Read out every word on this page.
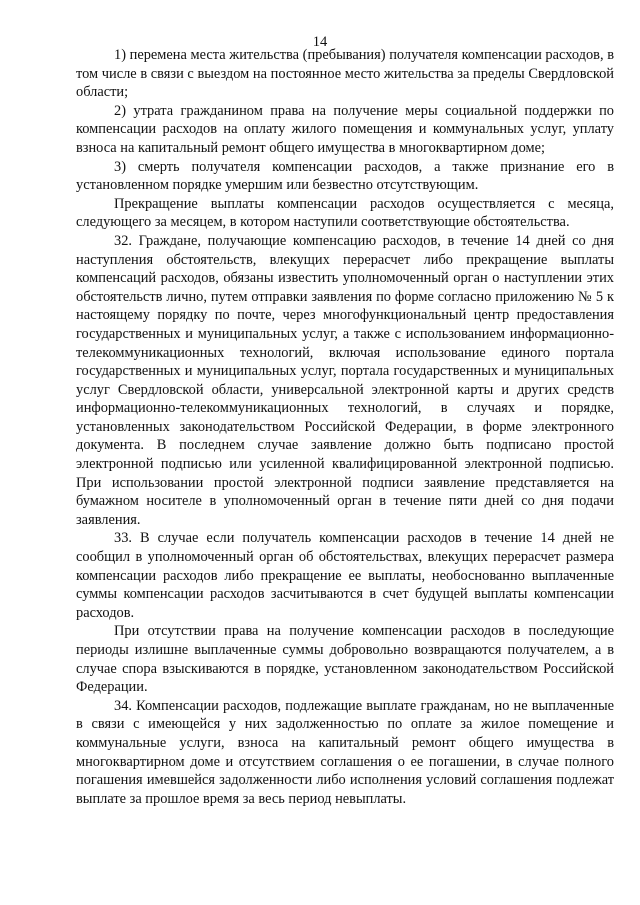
14

1) перемена места жительства (пребывания) получателя компенсации расходов, в том числе в связи с выездом на постоянное место жительства за пределы Свердловской области;

2) утрата гражданином права на получение меры социальной поддержки по компенсации расходов на оплату жилого помещения и коммунальных услуг, уплату взноса на капитальный ремонт общего имущества в многоквартирном доме;

3) смерть получателя компенсации расходов, а также признание его в установленном порядке умершим или безвестно отсутствующим.

Прекращение выплаты компенсации расходов осуществляется с месяца, следующего за месяцем, в котором наступили соответствующие обстоятельства.

32. Граждане, получающие компенсацию расходов, в течение 14 дней со дня наступления обстоятельств, влекущих перерасчет либо прекращение выплаты компенсаций расходов, обязаны известить уполномоченный орган о наступлении этих обстоятельств лично, путем отправки заявления по форме согласно приложению № 5 к настоящему порядку по почте, через многофункциональный центр предоставления государственных и муниципальных услуг, а также с использованием информационно-телекоммуникационных технологий, включая использование единого портала государственных и муниципальных услуг, портала государственных и муниципальных услуг Свердловской области, универсальной электронной карты и других средств информационно-телекоммуникационных технологий, в случаях и порядке, установленных законодательством Российской Федерации, в форме электронного документа. В последнем случае заявление должно быть подписано простой электронной подписью или усиленной квалифицированной электронной подписью. При использовании простой электронной подписи заявление представляется на бумажном носителе в уполномоченный орган в течение пяти дней со дня подачи заявления.

33. В случае если получатель компенсации расходов в течение 14 дней не сообщил в уполномоченный орган об обстоятельствах, влекущих перерасчет размера компенсации расходов либо прекращение ее выплаты, необоснованно выплаченные суммы компенсации расходов засчитываются в счет будущей выплаты компенсации расходов.

При отсутствии права на получение компенсации расходов в последующие периоды излишне выплаченные суммы добровольно возвращаются получателем, а в случае спора взыскиваются в порядке, установленном законодательством Российской Федерации.

34. Компенсации расходов, подлежащие выплате гражданам, но не выплаченные в связи с имеющейся у них задолженностью по оплате за жилое помещение и коммунальные услуги, взноса на капитальный ремонт общего имущества в многоквартирном доме и отсутствием соглашения о ее погашении, в случае полного погашения имевшейся задолженности либо исполнения условий соглашения подлежат выплате за прошлое время за весь период невыплаты.
